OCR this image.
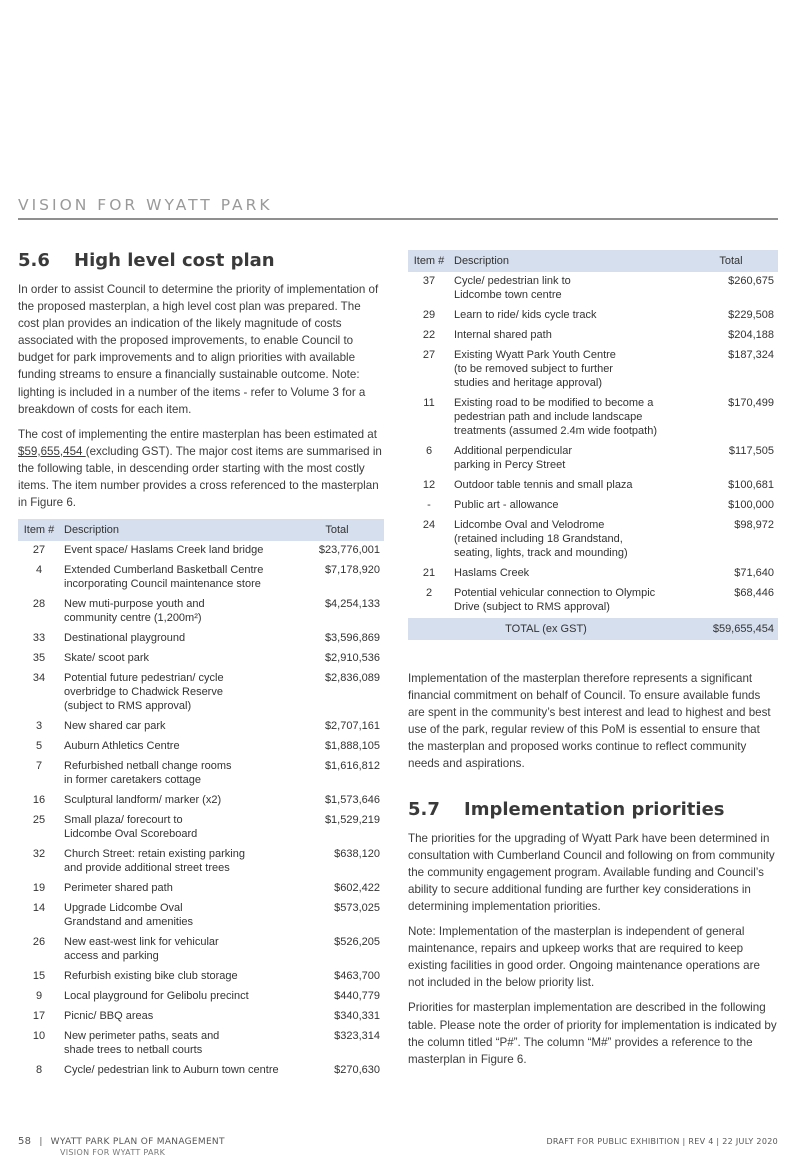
VISION FOR WYATT PARK
5.6	High level cost plan

In order to assist Council to determine the priority of implementation of the proposed masterplan, a high level cost plan was prepared. The cost plan provides an indication of the likely magnitude of costs associated with the proposed improvements, to enable Council to budget for park improvements and to align priorities with available funding streams to ensure a financially sustainable outcome. Note: lighting is included in a number of the items - refer to Volume 3 for a breakdown of costs for each item.

The cost of implementing the entire masterplan has been estimated at $59,655,454 (excluding GST). The major cost items are summarised in the following table, in descending order starting with the most costly items. The item number provides a cross referenced to the masterplan in Figure 6.

Item #	Description	Total
27	Event space/ Haslams Creek land bridge	$23,776,001
4	Extended Cumberland Basketball Centre
incorporating Council maintenance store	$7,178,920
28	New muti-purpose youth and
community centre (1,200m²)	$4,254,133
33	Destinational playground	$3,596,869
35	Skate/ scoot park	$2,910,536
34	Potential future pedestrian/ cycle
overbridge to Chadwick Reserve
(subject to RMS approval)	$2,836,089
3	New shared car park	$2,707,161
5	Auburn Athletics Centre	$1,888,105
7	Refurbished netball change rooms
in former caretakers cottage	$1,616,812
16	Sculptural landform/ marker (x2)	$1,573,646
25	Small plaza/ forecourt to
Lidcombe Oval Scoreboard	$1,529,219
32	Church Street: retain existing parking
and provide additional street trees	$638,120
19	Perimeter shared path	$602,422
14	Upgrade Lidcombe Oval
Grandstand and amenities	$573,025
26	New east-west link for vehicular
access and parking	$526,205
15	Refurbish existing bike club storage	$463,700
9	Local playground for Gelibolu precinct	$440,779
17	Picnic/ BBQ areas	$340,331
10	New perimeter paths, seats and
shade trees to netball courts	$323,314
8	Cycle/ pedestrian link to Auburn town centre	$270,630
Item #	Description	Total
37	Cycle/ pedestrian link to
Lidcombe town centre	$260,675
29	Learn to ride/ kids cycle track	$229,508
22	Internal shared path	$204,188
27	Existing Wyatt Park Youth Centre
(to be removed subject to further
studies and heritage approval)	$187,324
11	Existing road to be modified to become a
pedestrian path and include landscape
treatments (assumed 2.4m wide footpath)	$170,499
6	Additional perpendicular
parking in Percy Street	$117,505
12	Outdoor table tennis and small plaza	$100,681
-	Public art - allowance	$100,000
24	Lidcombe Oval and Velodrome
(retained including 18 Grandstand,
seating, lights, track and mounding)	$98,972
21	Haslams Creek	$71,640
2	Potential vehicular connection to Olympic
Drive (subject to RMS approval)	$68,446
TOTAL (ex GST)		$59,655,454

Implementation of the masterplan therefore represents a significant financial commitment on behalf of Council. To ensure available funds are spent in the community’s best interest and lead to highest and best use of the park, regular review of this PoM is essential to ensure that the masterplan and proposed works continue to reflect community needs and aspirations.

5.7	Implementation priorities

The priorities for the upgrading of Wyatt Park have been determined in consultation with Cumberland Council and following on from community the community engagement program. Available funding and Council’s ability to secure additional funding are further key considerations in determining implementation priorities.

Note: Implementation of the masterplan is independent of general maintenance, repairs and upkeep works that are required to keep existing facilities in good order. Ongoing maintenance operations are not included in the below priority list.

Priorities for masterplan implementation are described in the following table. Please note the order of priority for implementation is indicated by the column titled “P#”. The column “M#” provides a reference to the masterplan in Figure 6.

58 | WYATT PARK PLAN OF MANAGEMENT
VISION FOR WYATT PARK
DRAFT FOR PUBLIC EXHIBITION | REV 4 | 22 JULY 2020
